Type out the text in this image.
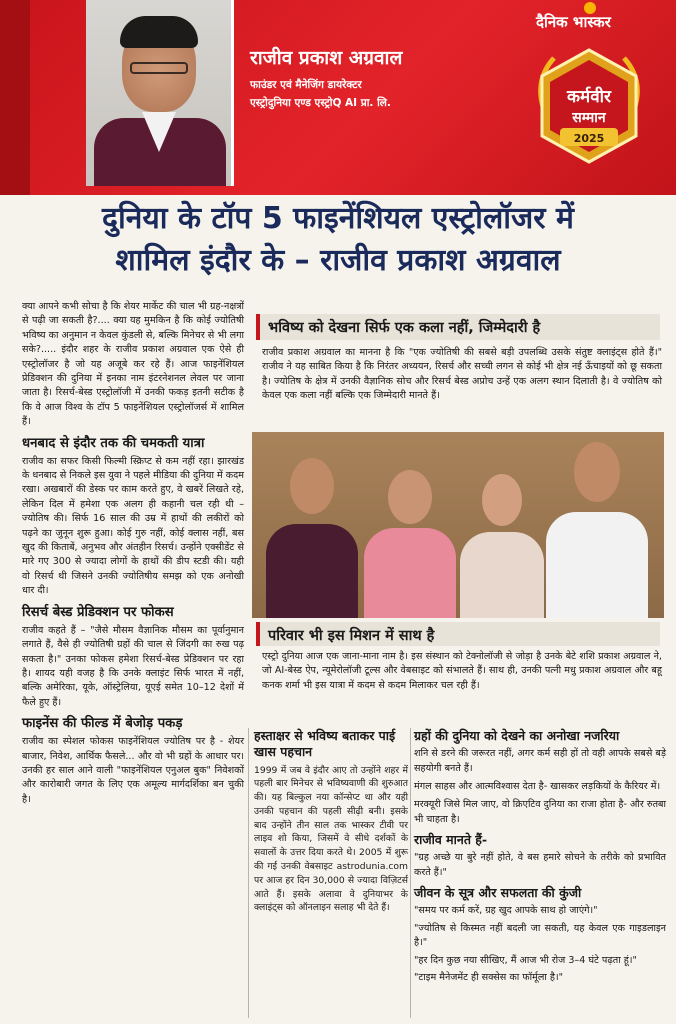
राजीव प्रकाश अग्रवाल
फाउंडर एवं मैनेजिंग डायरेक्टर
एस्ट्रोदुनिया एण्ड एस्ट्रोQ AI प्रा. लि.
दैनिक भास्कर
कर्मवीर
सम्मान
2025
दुनिया के टॉप 5 फाइनेंशियल एस्ट्रोलॉजर में
शामिल इंदौर के – राजीव प्रकाश अग्रवाल

क्या आपने कभी सोचा है कि शेयर मार्केट की चाल भी ग्रह-नक्षत्रों से पढ़ी जा सकती है?.... क्या यह मुमकिन है कि कोई ज्योतिषी भविष्य का अनुमान न केवल कुंडली से, बल्कि मिनेचर से भी लगा सके?..... इंदौर शहर के राजीव प्रकाश अग्रवाल एक ऐसे ही एस्ट्रोलॉजर है जो यह अजूबे कर रहे हैं। आज फाइनेंशियल प्रेडिक्शन की दुनिया में इनका नाम इंटरनेशनल लेवल पर जाना जाता है। रिसर्च-बेस्ड एस्ट्रोलॉजी में उनकी फकड़ इतनी सटीक है कि वे आज विश्व के टॉप 5 फाइनेंशियल एस्ट्रोलॉजर्स में शामिल हैं।

धनबाद से इंदौर तक की चमकती यात्रा

राजीव का सफर किसी फिल्मी स्क्रिप्ट से कम नहीं रहा। झारखंड के धनबाद से निकले इस युवा ने पहले मीडिया की दुनिया में कदम रखा। अखबारों की डेस्क पर काम करते हुए, वे खबरें लिखते रहे, लेकिन दिल में हमेशा एक अलग ही कहानी चल रही थी – ज्योतिष की। सिर्फ 16 साल की उम्र में हाथों की लकीरों को पढ़ने का जुनून शुरू हुआ। कोई गुरु नहीं, कोई क्लास नहीं, बस खुद की किताबें, अनुभव और अंतहीन रिसर्च। उन्होंने एक्सीडेंट से मारे गए 300 से ज्यादा लोगों के हाथों की डीप स्टडी की। यही वो रिसर्च थी जिसने उनकी ज्योतिषीय समझ को एक अनोखी धार दी।

रिसर्च बेस्ड प्रेडिक्शन पर फोकस

राजीव कहते हैं – "जैसे मौसम वैज्ञानिक मौसम का पूर्वानुमान लगाते हैं, वैसे ही ज्योतिषी ग्रहों की चाल से जिंदगी का रुख पढ़ सकता है।" उनका फोकस हमेशा रिसर्च-बेस्ड प्रेडिक्शन पर रहा है। शायद यही वजह है कि उनके क्लाइंट सिर्फ भारत में नहीं, बल्कि अमेरिका, यूके, ऑस्ट्रेलिया, यूएई समेत 10–12 देशों में फैले हुए हैं।

फाइनेंस की फील्ड में बेजोड़ पकड़

राजीव का स्पेशल फोकस फाइनेंशियल ज्योतिष पर है - शेयर बाजार, निवेश, आर्थिक फैसले... और वो भी ग्रहों के आधार पर। उनकी हर साल आने वाली "फाइनेंशियल एनुअल बुक" निवेशकों और कारोबारी जगत के लिए एक अमूल्य मार्गदर्शिका बन चुकी है।

भविष्य को देखना सिर्फ एक कला नहीं, जिम्मेदारी है

राजीव प्रकाश अग्रवाल का मानना है कि "एक ज्योतिषी की सबसे बड़ी उपलब्धि उसके संतुष्ट क्लाइंट्स होते हैं।" राजीव ने यह साबित किया है कि निरंतर अध्ययन, रिसर्च और सच्ची लगन से कोई भी क्षेत्र नई ऊँचाइयों को छू सकता है। ज्योतिष के क्षेत्र में उनकी वैज्ञानिक सोच और रिसर्च बेस्ड अप्रोच उन्हें एक अलग स्थान दिलाती है। वे ज्योतिष को केवल एक कला नहीं बल्कि एक जिम्मेदारी मानते हैं।

परिवार भी इस मिशन में साथ है

एस्ट्रो दुनिया आज एक जाना-माना नाम है। इस संस्थान को टेक्नोलॉजी से जोड़ा है उनके बेटे शशि प्रकाश अग्रवाल ने, जो AI-बेस्ड ऐप, न्यूमेरोलॉजी टूल्स और वेबसाइट को संभालते हैं। साथ ही, उनकी पत्नी मधु प्रकाश अग्रवाल और बहू कनक शर्मा भी इस यात्रा में कदम से कदम मिलाकर चल रही हैं।

हस्ताक्षर से भविष्य बताकर पाई खास पहचान

1999 में जब वे इंदौर आए तो उन्होंने शहर में पहली बार मिनेचर से भविष्यवाणी की शुरुआत की। यह बिल्कुल नया कॉन्सेप्ट था और यही उनकी पहचान की पहली सीढ़ी बनी। इसके बाद उन्होंने तीन साल तक भास्कर टीवी पर लाइव शो किया, जिसमें वे सीधे दर्शकों के सवालों के उत्तर दिया करते थे। 2005 में शुरू की गई उनकी वेबसाइट astrodunia.com पर आज हर दिन 30,000 से ज्यादा विज़िटर्स आते हैं। इसके अलावा वे दुनियाभर के क्लाइंट्स को ऑनलाइन सलाह भी देते हैं।

ग्रहों की दुनिया को देखने का अनोखा नजरिया

शनि से डरने की जरूरत नहीं, अगर कर्म सही हों तो वही आपके सबसे बड़े सहयोगी बनते हैं।

मंगल साहस और आत्मविश्वास देता है- खासकर लड़कियों के कैरियर में।

मरक्यूरी जिसे मिल जाए, वो क्रिएटिव दुनिया का राजा होता है- और रुतबा भी चाहता है।

राजीव मानते हैं-

"ग्रह अच्छे या बुरे नहीं होते, वे बस हमारे सोचने के तरीके को प्रभावित करते हैं।"

जीवन के सूत्र और सफलता की कुंजी

"समय पर कर्म करें, ग्रह खुद आपके साथ हो जाएंगे।"

"ज्योतिष से किस्मत नहीं बदली जा सकती, यह केवल एक गाइडलाइन है।"

"हर दिन कुछ नया सीखिए, मैं आज भी रोज 3–4 घंटे पढ़ता हूं।"

"टाइम मैनेजमेंट ही सक्सेस का फॉर्मूला है।"
